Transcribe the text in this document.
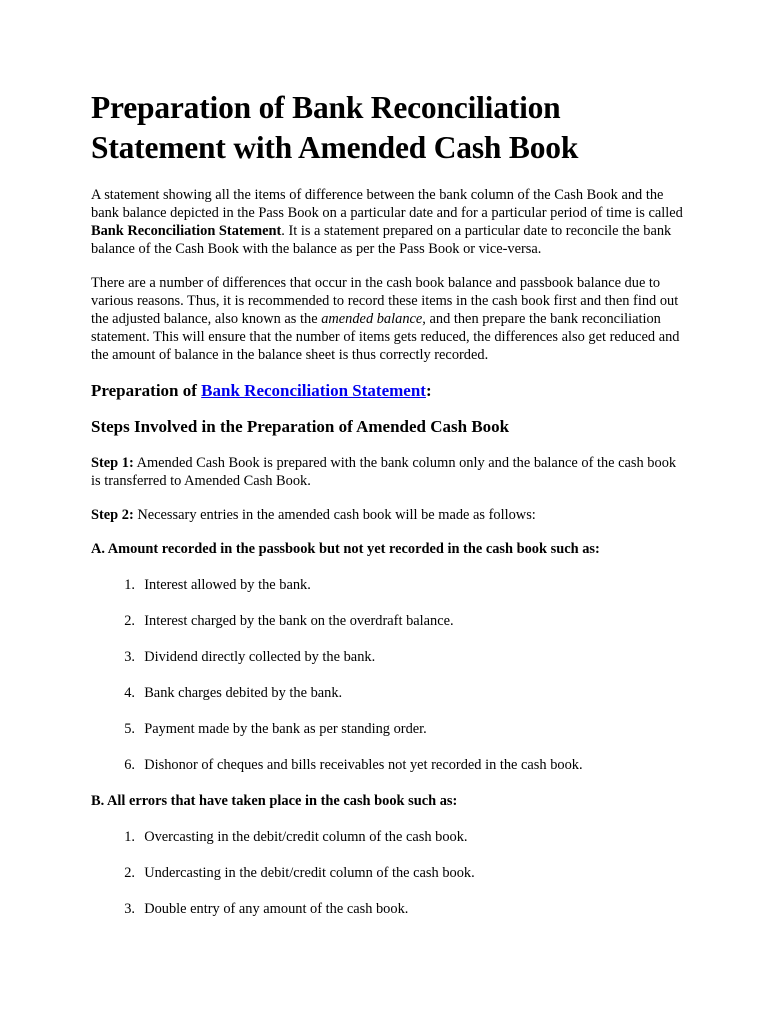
Preparation of Bank Reconciliation Statement with Amended Cash Book

A statement showing all the items of difference between the bank column of the Cash Book and the bank balance depicted in the Pass Book on a particular date and for a particular period of time is called Bank Reconciliation Statement. It is a statement prepared on a particular date to reconcile the bank balance of the Cash Book with the balance as per the Pass Book or vice-versa.

There are a number of differences that occur in the cash book balance and passbook balance due to various reasons. Thus, it is recommended to record these items in the cash book first and then find out the adjusted balance, also known as the amended balance, and then prepare the bank reconciliation statement. This will ensure that the number of items gets reduced, the differences also get reduced and the amount of balance in the balance sheet is thus correctly recorded.

Preparation of Bank Reconciliation Statement:
Steps Involved in the Preparation of Amended Cash Book

Step 1: Amended Cash Book is prepared with the bank column only and the balance of the cash book is transferred to Amended Cash Book.

Step 2: Necessary entries in the amended cash book will be made as follows:

A. Amount recorded in the passbook but not yet recorded in the cash book such as:
1.
Interest allowed by the bank.
2.
Interest charged by the bank on the overdraft balance.
3.
Dividend directly collected by the bank.
4.
Bank charges debited by the bank.
5.
Payment made by the bank as per standing order.
6.
Dishonor of cheques and bills receivables not yet recorded in the cash book.
B. All errors that have taken place in the cash book such as:
1.
Overcasting in the debit/credit column of the cash book.
2.
Undercasting in the debit/credit column of the cash book.
3.
Double entry of any amount of the cash book.
